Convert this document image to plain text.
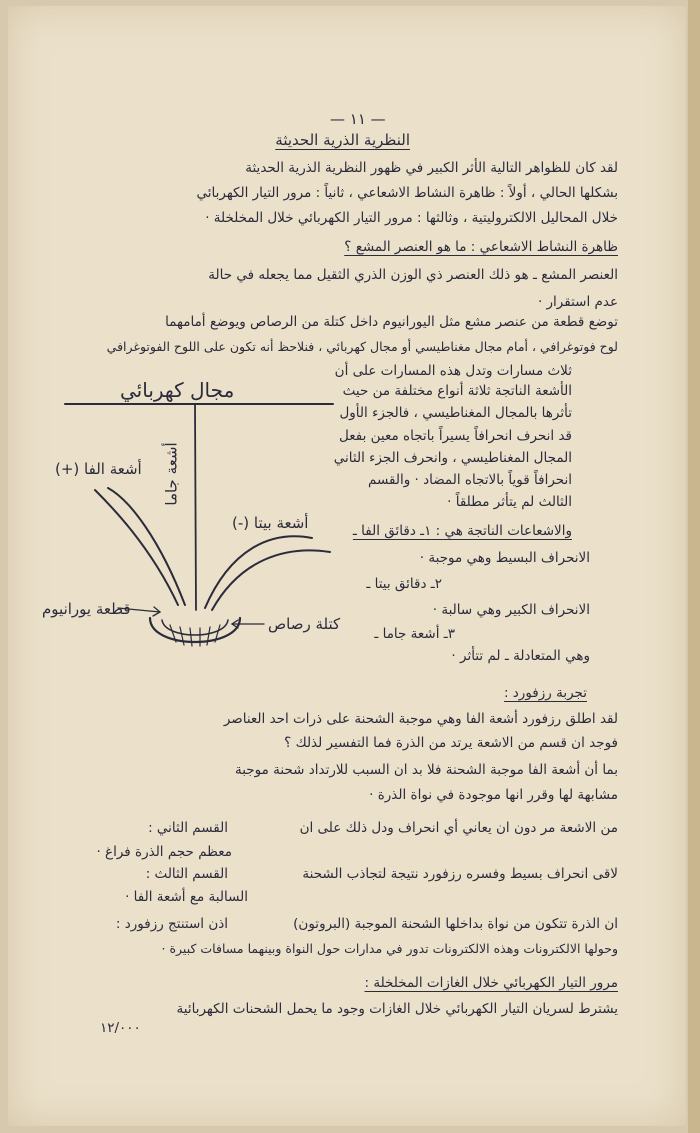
— ١١ —
النظرية الذرية الحديثة
لقد كان للظواهر التالية الأثر الكبير في ظهور النظرية الذرية الحديثة
بشكلها الحالي ، أولاً : ظاهرة النشاط الاشعاعي ، ثانياً : مرور التيار الكهربائي
خلال المحاليل الالكتروليتية ، وثالثها : مرور التيار الكهربائي خلال المخلخلة ·
ظاهرة النشاط الاشعاعي : ما هو العنصر المشع ؟
العنصر المشع ـ هو ذلك العنصر ذي الوزن الذري الثقيل مما يجعله في حالة
عدم استقرار ·
توضع قطعة من عنصر مشع مثل اليورانيوم داخل كتلة من الرصاص ويوضع أمامهما
لوح فوتوغرافي ، أمام مجال مغناطيسي أو مجال كهربائي ، فنلاحظ أنه تكون على اللوح الفوتوغرافي
ثلاث مسارات وتدل هذه المسارات على أن
الأشعة الناتجة ثلاثة أنواع مختلفة من حيث
تأثرها بالمجال المغناطيسي ، فالجزء الأول
قد انحرف انحرافاً يسيراً باتجاه معين بفعل
المجال المغناطيسي ، وانحرف الجزء الثاني
انحرافاً قوياً بالاتجاه المضاد · والقسم
الثالث لم يتأثر مطلقاً ·
والاشعاعات الناتجة هي : ١ـ دقائق الفا ـ
الانحراف البسيط وهي موجبة ·
٢ـ دقائق بيتا ـ
الانحراف الكبير وهي سالبة ·
٣ـ أشعة جاما ـ
وهي المتعادلة ـ لم تتأثر ·
تجربة رزفورد :
لقد اطلق رزفورد أشعة الفا وهي موجبة الشحنة على ذرات احد العناصر
فوجد ان قسم من الاشعة يرتد من الذرة فما التفسير لذلك ؟
بما أن أشعة الفا موجبة الشحنة فلا بد ان السبب للارتداد شحنة موجبة
مشابهة لها وقرر انها موجودة في نواة الذرة ·
القسم الثاني :	من الاشعة مر دون ان يعاني أي انحراف ودل ذلك على ان
معظم حجم الذرة فراغ ·
القسم الثالث :	لاقى انحراف بسيط وفسره رزفورد نتيجة لتجاذب الشحنة
السالبة مع أشعة الفا ·
اذن استنتج رزفورد :	ان الذرة تتكون من نواة بداخلها الشحنة الموجبة (البروتون)
وحولها الالكترونات وهذه الالكترونات تدور في مدارات حول النواة وبينهما مسافات كبيرة ·
مرور التيار الكهربائي خلال الغازات المخلخلة :
يشترط لسريان التيار الكهربائي خلال الغازات وجود ما يحمل الشحنات الكهربائية
١٢/٠٠٠
مجال كهربائي
أشعة الفا (+) أشعة جاما
أشعة بيتا (-)
قطعة يورانيوم
كتلة رصاص
